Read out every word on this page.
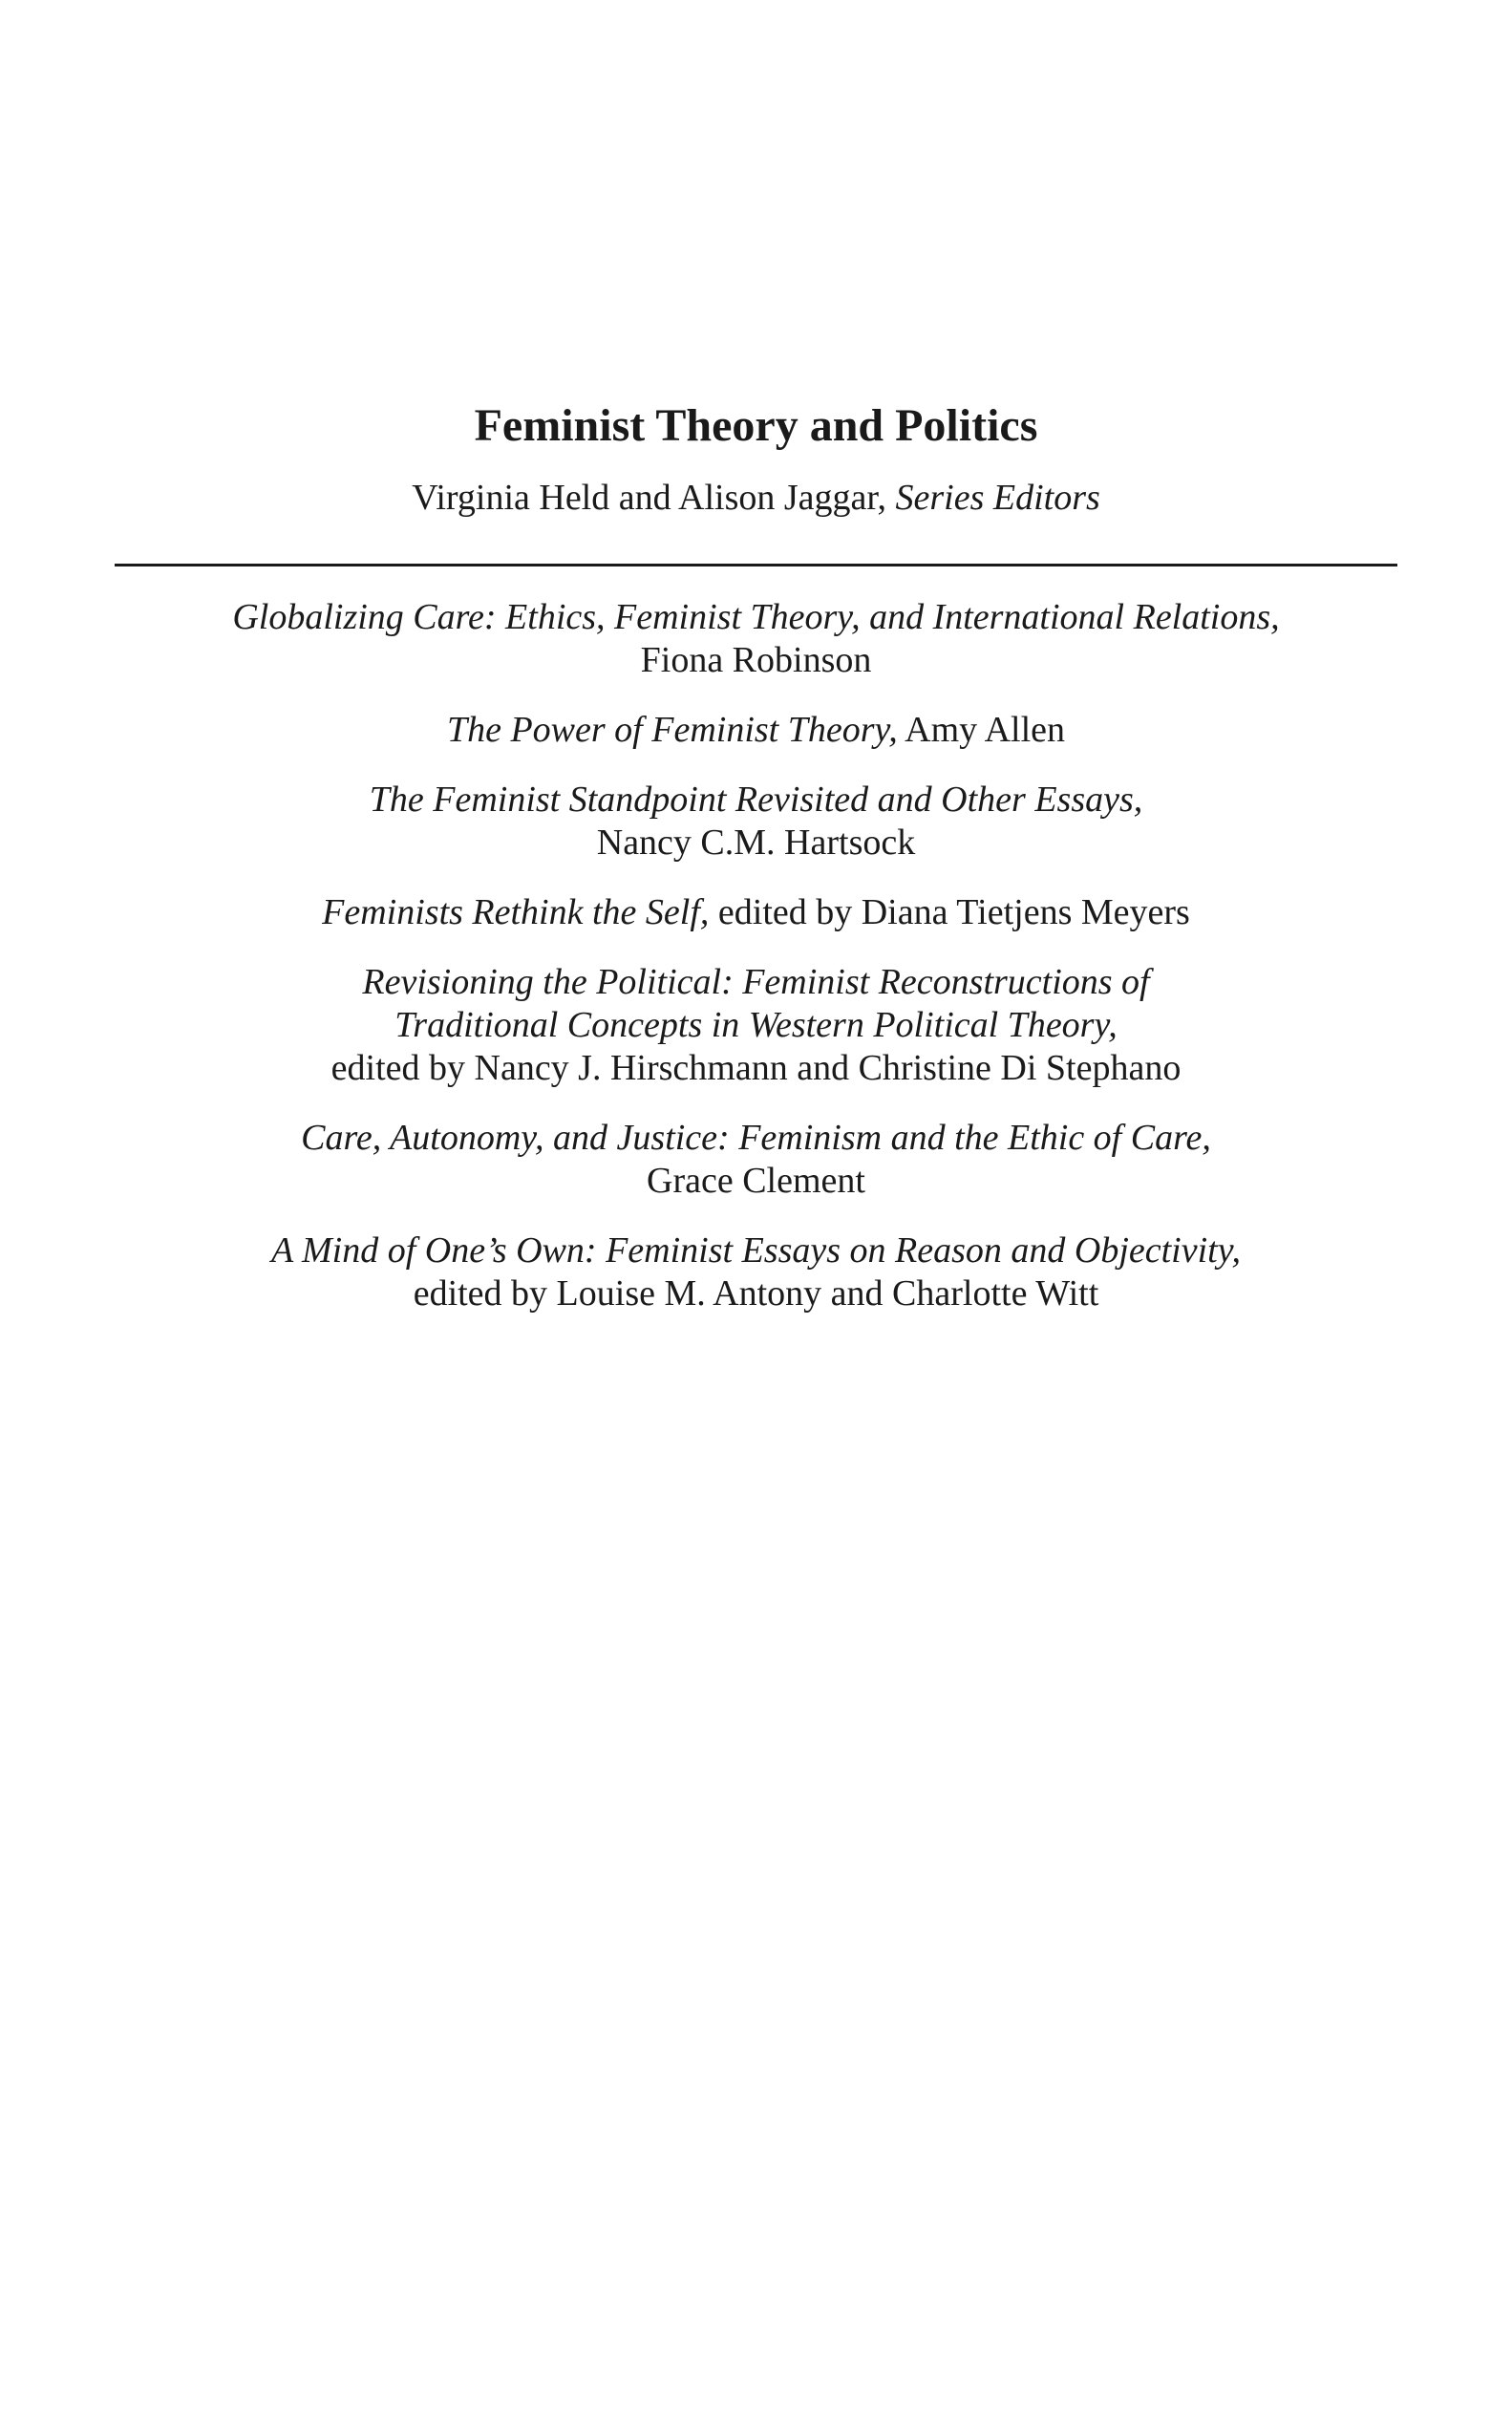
Feminist Theory and Politics
Virginia Held and Alison Jaggar, Series Editors
Globalizing Care: Ethics, Feminist Theory, and International Relations,
Fiona Robinson
The Power of Feminist Theory, Amy Allen
The Feminist Standpoint Revisited and Other Essays,
Nancy C.M. Hartsock
Feminists Rethink the Self, edited by Diana Tietjens Meyers
Revisioning the Political: Feminist Reconstructions of
Traditional Concepts in Western Political Theory,
edited by Nancy J. Hirschmann and Christine Di Stephano
Care, Autonomy, and Justice: Feminism and the Ethic of Care,
Grace Clement
A Mind of One’s Own: Feminist Essays on Reason and Objectivity,
edited by Louise M. Antony and Charlotte Witt
